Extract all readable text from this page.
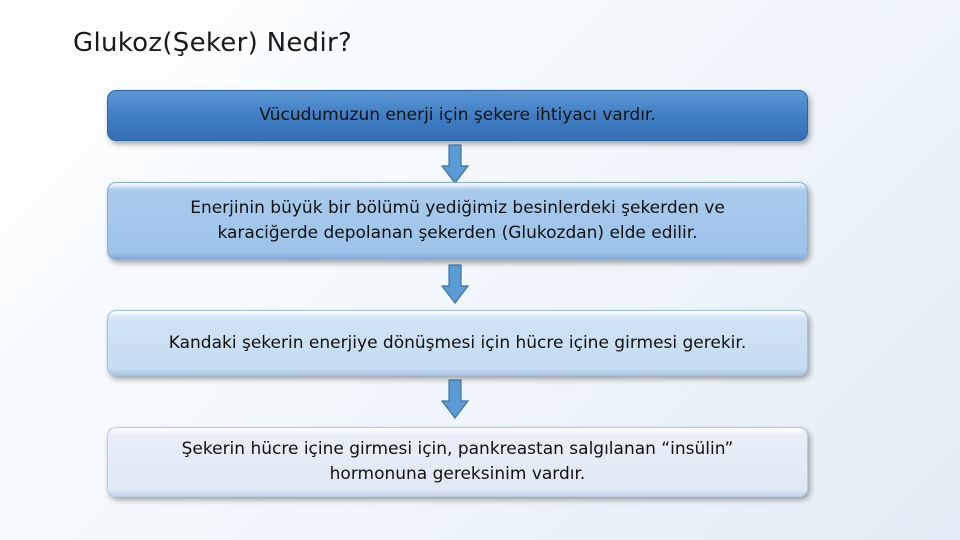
Glukoz(Şeker) Nedir?
Vücudumuzun enerji için şekere ihtiyacı vardır.
Enerjinin büyük bir bölümü yediğimiz besinlerdeki şekerden ve
karaciğerde depolanan şekerden (Glukozdan) elde edilir.
Kandaki şekerin enerjiye dönüşmesi için hücre içine girmesi gerekir.
Şekerin hücre içine girmesi için, pankreastan salgılanan “insülin”
hormonuna gereksinim vardır.
